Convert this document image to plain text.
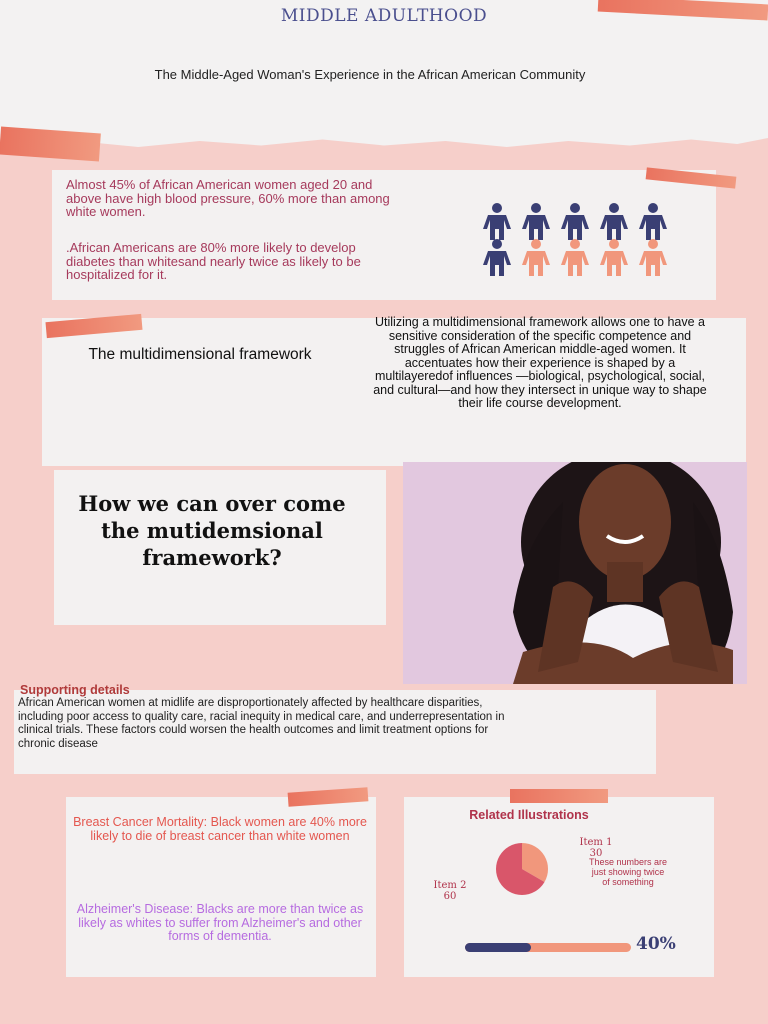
MIDDLE ADULTHOOD
The Middle-Aged Woman's Experience in the African American Community
Almost 45% of African American women aged 20 and above have high blood pressure, 60% more than among white women.
.African Americans are 80% more likely to develop diabetes than whitesand nearly twice as likely to be hospitalized for it.
The multidimensional framework
Utilizing a multidimensional framework allows one to have a sensitive consideration of the specific competence and struggles of African American middle-aged women. It accentuates how their experience is shaped by a multilayeredof influences —biological, psychological, social, and cultural—and how they intersect in unique way to shape their life course development.
How we can over come the mutidemsional framework?
Supporting details
African American women at midlife are disproportionately affected by healthcare disparities, including poor access to quality care, racial inequity in medical care, and underrepresentation in clinical trials. These factors could worsen the health outcomes and limit treatment options for chronic disease
Breast Cancer Mortality: Black women are 40% more likely to die of breast cancer than white women
Alzheimer's Disease: Blacks are more than twice as likely as whites to suffer from Alzheimer's and other forms of dementia.
Related Illustrations
Item 1
30
Item 2
60
These numbers are just showing twice of something
40%
